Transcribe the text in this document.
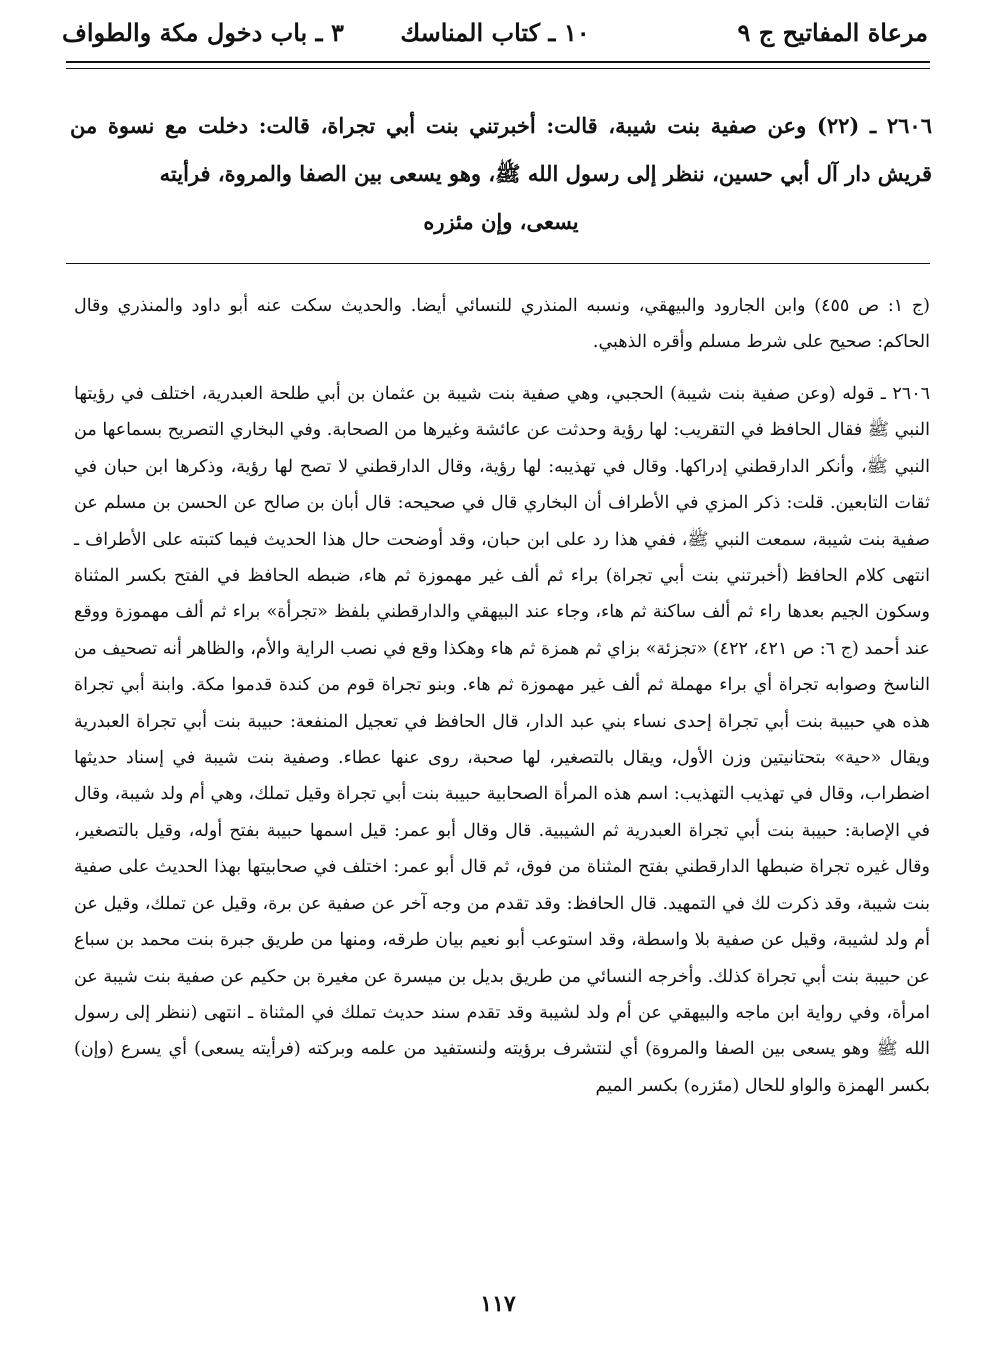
مرعاة المفاتيح ج ٩
١٠ ـ كتاب المناسك
٣ ـ باب دخول مكة والطواف

٢٦٠٦ ـ (٢٢) وعن صفية بنت شيبة، قالت: أخبرتني بنت أبي تجراة، قالت: دخلت مع نسوة من قريش دار آل أبي حسين، ننظر إلى رسول الله ﷺ، وهو يسعى بين الصفا والمروة، فرأيته

يسعى، وإن مئزره

(ج ١: ص ٤٥٥) وابن الجارود والبيهقي، ونسبه المنذري للنسائي أيضا. والحديث سكت عنه أبو داود والمنذري وقال الحاكم: صحيح على شرط مسلم وأقره الذهبي.

٢٦٠٦ ـ قوله (وعن صفية بنت شيبة) الحجبي، وهي صفية بنت شيبة بن عثمان بن أبي طلحة العبدرية، اختلف في رؤيتها النبي ﷺ فقال الحافظ في التقريب: لها رؤية وحدثت عن عائشة وغيرها من الصحابة. وفي البخاري التصريح بسماعها من النبي ﷺ، وأنكر الدارقطني إدراكها. وقال في تهذيبه: لها رؤية، وقال الدارقطني لا تصح لها رؤية، وذكرها ابن حبان في ثقات التابعين. قلت: ذكر المزي في الأطراف أن البخاري قال في صحيحه: قال أبان بن صالح عن الحسن بن مسلم عن صفية بنت شيبة، سمعت النبي ﷺ، ففي هذا رد على ابن حبان، وقد أوضحت حال هذا الحديث فيما كتبته على الأطراف ـ انتهى كلام الحافظ (أخبرتني بنت أبي تجراة) براء ثم ألف غير مهموزة ثم هاء، ضبطه الحافظ في الفتح بكسر المثناة وسكون الجيم بعدها راء ثم ألف ساكنة ثم هاء، وجاء عند البيهقي والدارقطني بلفظ «تجرأة» براء ثم ألف مهموزة ووقع عند أحمد (ج ٦: ص ٤٢١، ٤٢٢) «تجزئة» بزاي ثم همزة ثم هاء وهكذا وقع في نصب الراية والأم، والظاهر أنه تصحيف من الناسخ وصوابه تجراة أي براء مهملة ثم ألف غير مهموزة ثم هاء. وبنو تجراة قوم من كندة قدموا مكة. وابنة أبي تجراة هذه هي حبيبة بنت أبي تجراة إحدى نساء بني عبد الدار، قال الحافظ في تعجيل المنفعة: حبيبة بنت أبي تجراة العبدرية ويقال «حية» بتحتانيتين وزن الأول، ويقال بالتصغير، لها صحبة، روى عنها عطاء. وصفية بنت شيبة في إسناد حديثها اضطراب، وقال في تهذيب التهذيب: اسم هذه المرأة الصحابية حبيبة بنت أبي تجراة وقيل تملك، وهي أم ولد شيبة، وقال في الإصابة: حبيبة بنت أبي تجراة العبدرية ثم الشيبية. قال وقال أبو عمر: قيل اسمها حبيبة بفتح أوله، وقيل بالتصغير، وقال غيره تجراة ضبطها الدارقطني بفتح المثناة من فوق، ثم قال أبو عمر: اختلف في صحابيتها بهذا الحديث على صفية بنت شيبة، وقد ذكرت لك في التمهيد. قال الحافظ: وقد تقدم من وجه آخر عن صفية عن برة، وقيل عن تملك، وقيل عن أم ولد لشيبة، وقيل عن صفية بلا واسطة، وقد استوعب أبو نعيم بيان طرقه، ومنها من طريق جبرة بنت محمد بن سباع عن حبيبة بنت أبي تجراة كذلك. وأخرجه النسائي من طريق بديل بن ميسرة عن مغيرة بن حكيم عن صفية بنت شيبة عن امرأة، وفي رواية ابن ماجه والبيهقي عن أم ولد لشيبة وقد تقدم سند حديث تملك في المثناة ـ انتهى (ننظر إلى رسول الله ﷺ وهو يسعى بين الصفا والمروة) أي لنتشرف برؤيته ولنستفيد من علمه وبركته (فرأيته يسعى) أي يسرع (وإن) بكسر الهمزة والواو للحال (مئزره) بكسر الميم

١١٧
